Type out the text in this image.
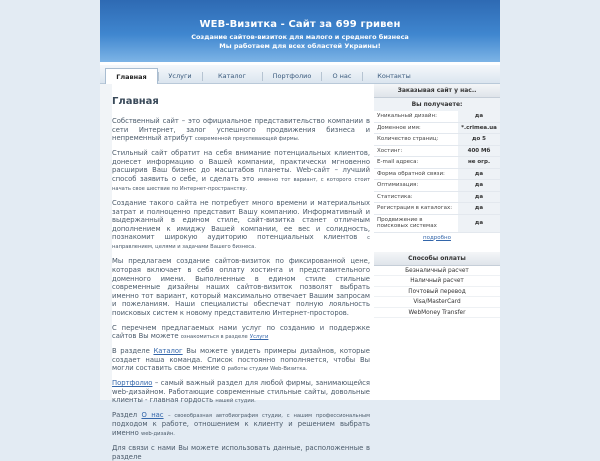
WEB-Визитка - Сайт за 699 гривен
Создание сайтов-визиток для малого и среднего бизнеса
Мы работаем для всех областей Украины!
Главная	Услуги	Каталог	Портфолио	О нас	Контакты
Главная

Собственный сайт – это официальное представительство компании в сети Интернет, залог успешного продвижения бизнеса и непременный атрибут современной преуспевающей фирмы.

Стильный сайт обратит на себя внимание потенциальных клиентов, донесет информацию о Вашей компании, практически мгновенно расширив Ваш бизнес до масштабов планеты. Web-сайт – лучший способ заявить о себе, и сделать это именно тот вариант, с которого стоит начать свое шествие по Интернет-пространству.

Создание такого сайта не потребует много времени и материальных затрат и полноценно представит Вашу компанию. Информативный и выдержанный в едином стиле, сайт-визитка станет отличным дополнением к имиджу Вашей компании, ее вес и солидность, познакомит широкую аудиторию потенциальных клиентов с направлением, целями и задачами Вашего бизнеса.

Мы предлагаем создание сайтов-визиток по фиксированной цене, которая включает в себя оплату хостинга и представительного доменного имени. Выполненные в едином стиле стильные современные дизайны наших сайтов-визиток позволят выбрать именно тот вариант, который максимально отвечает Вашим запросам и пожеланиям. Наши специалисты обеспечат полную лояльность поисковых систем к новому представителю Интернет-просторов.

С перечнем предлагаемых нами услуг по созданию и поддержке сайтов Вы можете ознакомиться в разделе Услуги

В разделе Каталог Вы можете увидеть примеры дизайнов, которые создает наша команда. Список постоянно пополняется, чтобы Вы могли составить свое мнение о работы студии Web-Визитка.

Портфолио – самый важный раздел для любой фирмы, занимающейся web-дизайном. Работающие современные стильные сайты, довольные клиенты - главная гордость нашей студии.

Раздел О нас – своеобразная автобиография студии, с нашим профессиональным подходом к работе, отношением к клиенту и решением выбрать именно web-дизайн.

Для связи с нами Вы можете использовать данные, расположенные в разделе

Заказывая сайт у нас..
Вы получаете:
Уникальный дизайн:	да
Доменное имя:	*.crimea.ua
Количество страниц:	до 5
Хостинг:	400 Мб
E-mail адреса:	не огр.
Форма обратной связи:	да
Оптимизация:	да
Статистика:	да
Регистрация в каталогах:	да
Продвижение в поисковых системах	да
подробно
Способы оплаты
Безналичный расчет
Наличный расчет
Почтовый перевод
Visa/MasterCard
WebMoney Transfer
